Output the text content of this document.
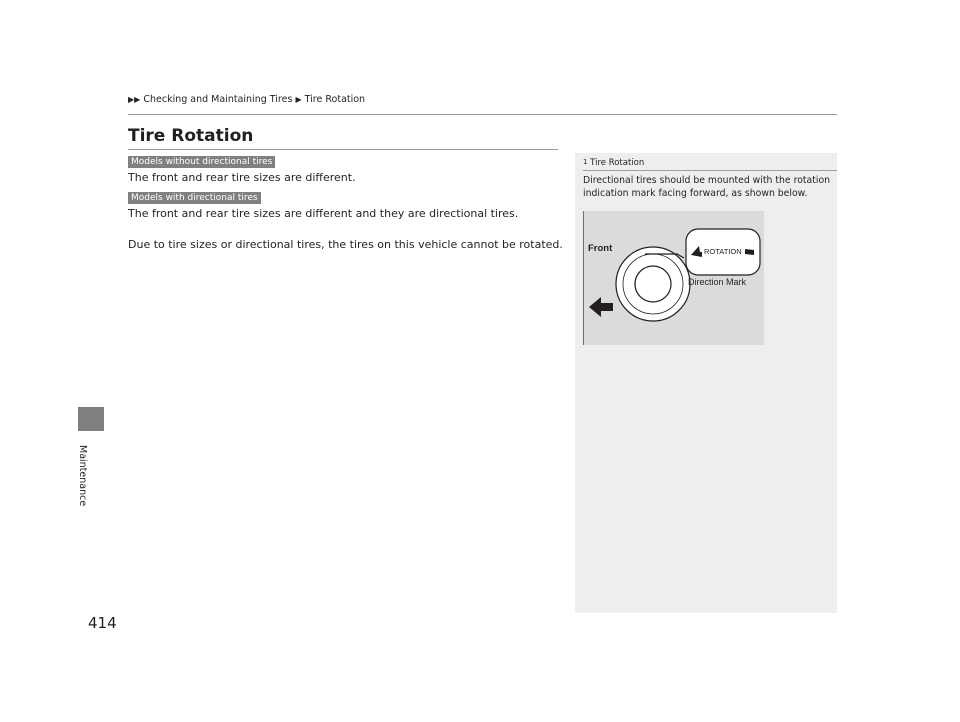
▶▶ Checking and Maintaining Tires ▶ Tire Rotation
Tire Rotation
Models without directional tires
The front and rear tire sizes are different.
Models with directional tires
The front and rear tire sizes are different and they are directional tires.
Due to tire sizes or directional tires, the tires on this vehicle cannot be rotated.
Maintenance
414
$^1$ Tire Rotation
Directional tires should be mounted with the rotation indication mark facing forward, as shown below.
ROTATION
Front
Direction Mark
